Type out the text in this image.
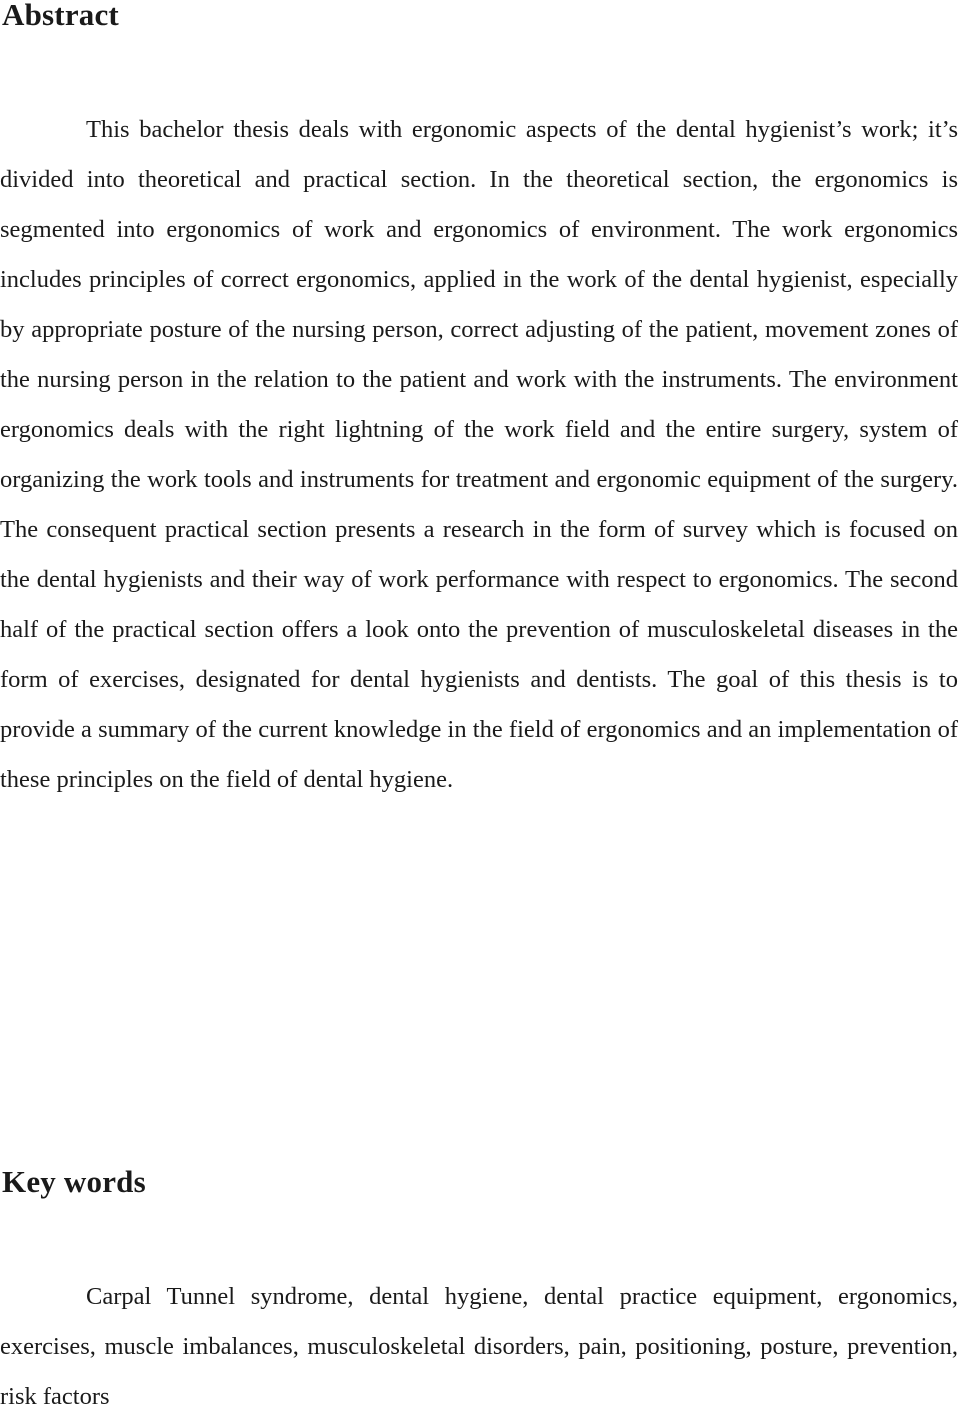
Abstract

This bachelor thesis deals with ergonomic aspects of the dental hygienist’s work; it’s divided into theoretical and practical section. In the theoretical section, the ergonomics is segmented into ergonomics of work and ergonomics of environment. The work ergonomics includes principles of correct ergonomics, applied in the work of the dental hygienist, especially by appropriate posture of the nursing person, correct adjusting of the patient, movement zones of the nursing person in the relation to the patient and work with the instruments. The environment ergonomics deals with the right lightning of the work field and the entire surgery, system of organizing the work tools and instruments for treatment and ergonomic equipment of the surgery. The consequent practical section presents a research in the form of survey which is focused on the dental hygienists and their way of work performance with respect to ergonomics. The second half of the practical section offers a look onto the prevention of musculoskeletal diseases in the form of exercises, designated for dental hygienists and dentists. The goal of this thesis is to provide a summary of the current knowledge in the field of ergonomics and an implementation of these principles on the field of dental hygiene.

Key words

Carpal Tunnel syndrome, dental hygiene, dental practice equipment, ergonomics, exercises, muscle imbalances, musculoskeletal disorders, pain, positioning, posture, prevention, risk factors
